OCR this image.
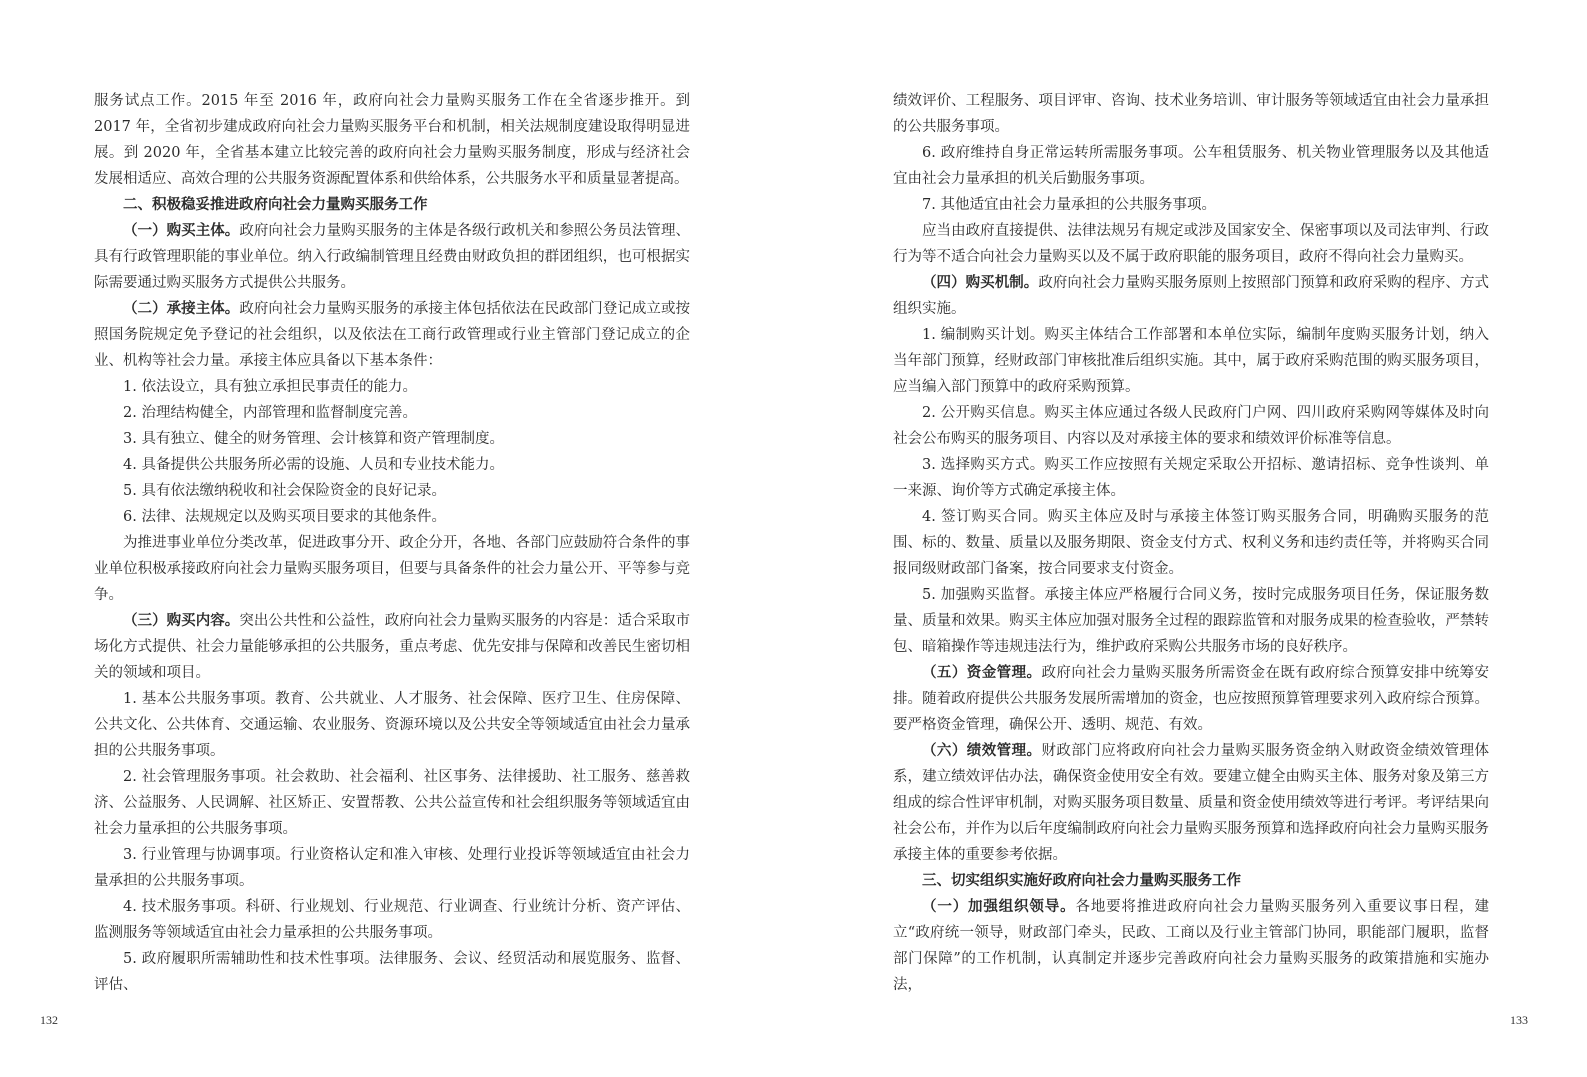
服务试点工作。2015 年至 2016 年，政府向社会力量购买服务工作在全省逐步推开。到 2017 年，全省初步建成政府向社会力量购买服务平台和机制，相关法规制度建设取得明显进展。到 2020 年，全省基本建立比较完善的政府向社会力量购买服务制度，形成与经济社会发展相适应、高效合理的公共服务资源配置体系和供给体系，公共服务水平和质量显著提高。

二、积极稳妥推进政府向社会力量购买服务工作

（一）购买主体。政府向社会力量购买服务的主体是各级行政机关和参照公务员法管理、具有行政管理职能的事业单位。纳入行政编制管理且经费由财政负担的群团组织，也可根据实际需要通过购买服务方式提供公共服务。

（二）承接主体。政府向社会力量购买服务的承接主体包括依法在民政部门登记成立或按照国务院规定免予登记的社会组织，以及依法在工商行政管理或行业主管部门登记成立的企业、机构等社会力量。承接主体应具备以下基本条件：

1. 依法设立，具有独立承担民事责任的能力。

2. 治理结构健全，内部管理和监督制度完善。

3. 具有独立、健全的财务管理、会计核算和资产管理制度。

4. 具备提供公共服务所必需的设施、人员和专业技术能力。

5. 具有依法缴纳税收和社会保险资金的良好记录。

6. 法律、法规规定以及购买项目要求的其他条件。

为推进事业单位分类改革，促进政事分开、政企分开，各地、各部门应鼓励符合条件的事业单位积极承接政府向社会力量购买服务项目，但要与具备条件的社会力量公开、平等参与竞争。

（三）购买内容。突出公共性和公益性，政府向社会力量购买服务的内容是：适合采取市场化方式提供、社会力量能够承担的公共服务，重点考虑、优先安排与保障和改善民生密切相关的领域和项目。

1. 基本公共服务事项。教育、公共就业、人才服务、社会保障、医疗卫生、住房保障、公共文化、公共体育、交通运输、农业服务、资源环境以及公共安全等领域适宜由社会力量承担的公共服务事项。

2. 社会管理服务事项。社会救助、社会福利、社区事务、法律援助、社工服务、慈善救济、公益服务、人民调解、社区矫正、安置帮教、公共公益宣传和社会组织服务等领域适宜由社会力量承担的公共服务事项。

3. 行业管理与协调事项。行业资格认定和准入审核、处理行业投诉等领域适宜由社会力量承担的公共服务事项。

4. 技术服务事项。科研、行业规划、行业规范、行业调查、行业统计分析、资产评估、监测服务等领域适宜由社会力量承担的公共服务事项。

5. 政府履职所需辅助性和技术性事项。法律服务、会议、经贸活动和展览服务、监督、评估、

绩效评价、工程服务、项目评审、咨询、技术业务培训、审计服务等领域适宜由社会力量承担的公共服务事项。

6. 政府维持自身正常运转所需服务事项。公车租赁服务、机关物业管理服务以及其他适宜由社会力量承担的机关后勤服务事项。

7. 其他适宜由社会力量承担的公共服务事项。

应当由政府直接提供、法律法规另有规定或涉及国家安全、保密事项以及司法审判、行政行为等不适合向社会力量购买以及不属于政府职能的服务项目，政府不得向社会力量购买。

（四）购买机制。政府向社会力量购买服务原则上按照部门预算和政府采购的程序、方式组织实施。

1. 编制购买计划。购买主体结合工作部署和本单位实际，编制年度购买服务计划，纳入当年部门预算，经财政部门审核批准后组织实施。其中，属于政府采购范围的购买服务项目，应当编入部门预算中的政府采购预算。

2. 公开购买信息。购买主体应通过各级人民政府门户网、四川政府采购网等媒体及时向社会公布购买的服务项目、内容以及对承接主体的要求和绩效评价标准等信息。

3. 选择购买方式。购买工作应按照有关规定采取公开招标、邀请招标、竞争性谈判、单一来源、询价等方式确定承接主体。

4. 签订购买合同。购买主体应及时与承接主体签订购买服务合同，明确购买服务的范围、标的、数量、质量以及服务期限、资金支付方式、权利义务和违约责任等，并将购买合同报同级财政部门备案，按合同要求支付资金。

5. 加强购买监督。承接主体应严格履行合同义务，按时完成服务项目任务，保证服务数量、质量和效果。购买主体应加强对服务全过程的跟踪监管和对服务成果的检查验收，严禁转包、暗箱操作等违规违法行为，维护政府采购公共服务市场的良好秩序。

（五）资金管理。政府向社会力量购买服务所需资金在既有政府综合预算安排中统筹安排。随着政府提供公共服务发展所需增加的资金，也应按照预算管理要求列入政府综合预算。要严格资金管理，确保公开、透明、规范、有效。

（六）绩效管理。财政部门应将政府向社会力量购买服务资金纳入财政资金绩效管理体系，建立绩效评估办法，确保资金使用安全有效。要建立健全由购买主体、服务对象及第三方组成的综合性评审机制，对购买服务项目数量、质量和资金使用绩效等进行考评。考评结果向社会公布，并作为以后年度编制政府向社会力量购买服务预算和选择政府向社会力量购买服务承接主体的重要参考依据。

三、切实组织实施好政府向社会力量购买服务工作

（一）加强组织领导。各地要将推进政府向社会力量购买服务列入重要议事日程，建立“政府统一领导，财政部门牵头，民政、工商以及行业主管部门协同，职能部门履职，监督部门保障”的工作机制，认真制定并逐步完善政府向社会力量购买服务的政策措施和实施办法，

132	133
